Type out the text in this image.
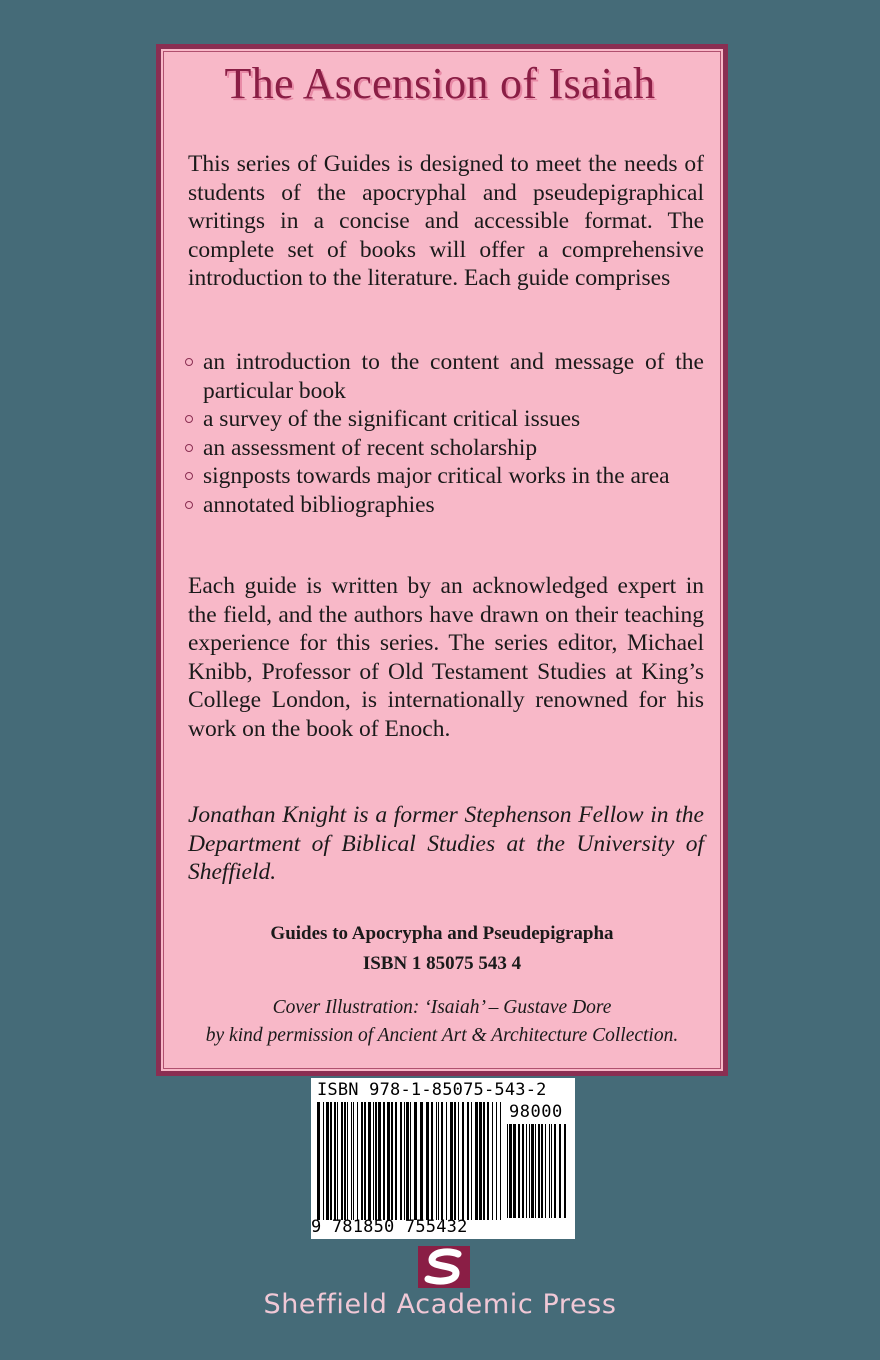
The Ascension of Isaiah

This series of Guides is designed to meet the needs of students of the apocryphal and pseudepigraphical writings in a concise and accessible format. The complete set of books will offer a comprehensive introduction to the literature. Each guide comprises

an introduction to the content and message of the particular book
a survey of the significant critical issues
an assessment of recent scholarship
signposts towards major critical works in the area
annotated bibliographies

Each guide is written by an acknowledged expert in the field, and the authors have drawn on their teaching experience for this series. The series editor, Michael Knibb, Professor of Old Testament Studies at King’s College London, is internationally renowned for his work on the book of Enoch.

Jonathan Knight is a former Stephenson Fellow in the Department of Biblical Studies at the University of Sheffield.

Guides to Apocrypha and Pseudepigrapha
ISBN 1 85075 543 4
Cover Illustration: ‘Isaiah’ – Gustave Dore
by kind permission of Ancient Art & Architecture Collection.
ISBN 978-1-85075-543-2
98000
9 781850 755432
Sheffield Academic Press
